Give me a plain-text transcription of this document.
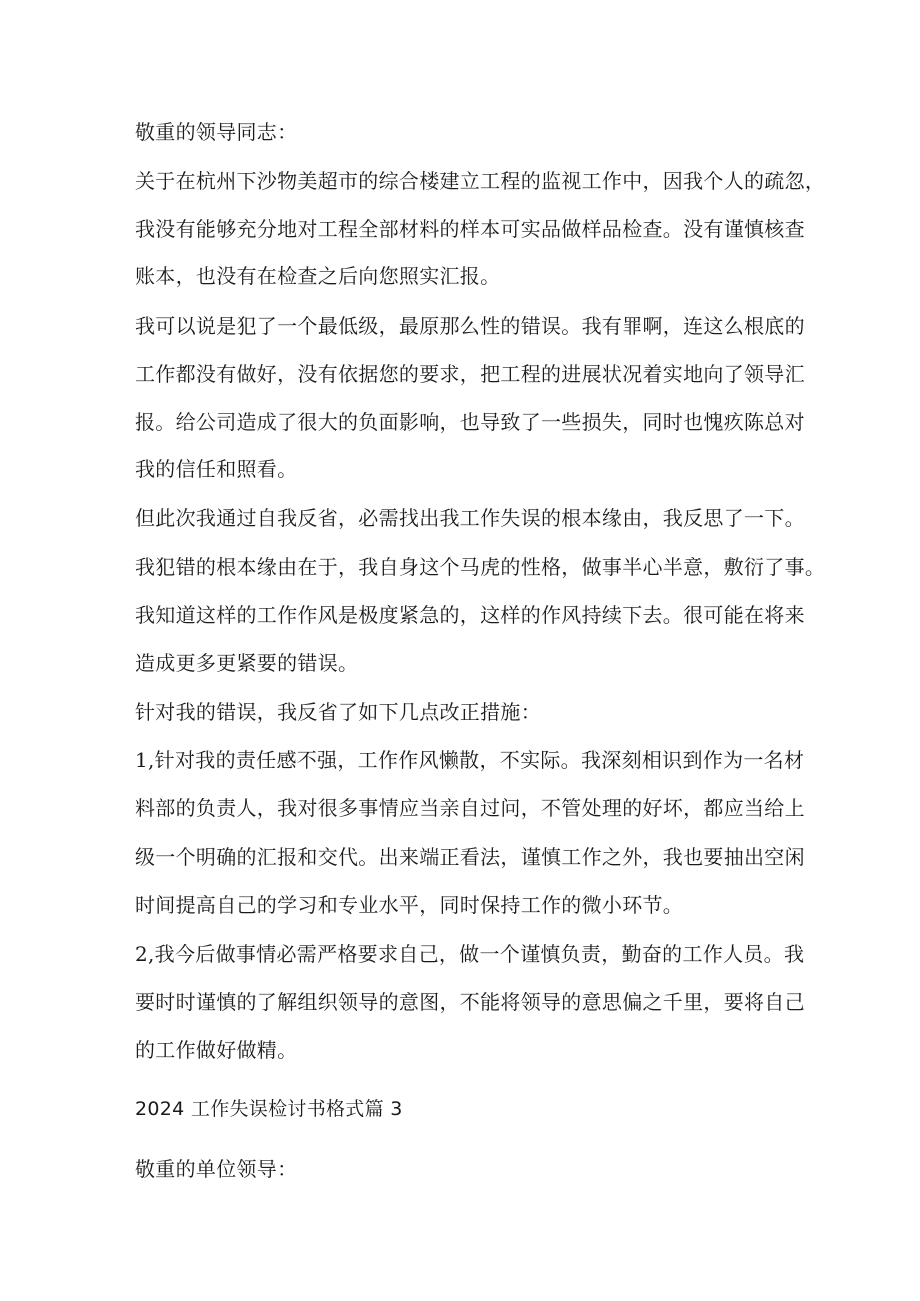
敬重的领导同志：
关于在杭州下沙物美超市的综合楼建立工程的监视工作中，因我个人的疏忽，
我没有能够充分地对工程全部材料的样本可实品做样品检查。没有谨慎核查
账本，也没有在检查之后向您照实汇报。
我可以说是犯了一个最低级，最原那么性的错误。我有罪啊，连这么根底的
工作都没有做好，没有依据您的要求，把工程的进展状况着实地向了领导汇
报。给公司造成了很大的负面影响，也导致了一些损失，同时也愧疚陈总对
我的信任和照看。
但此次我通过自我反省，必需找出我工作失误的根本缘由，我反思了一下。
我犯错的根本缘由在于，我自身这个马虎的性格，做事半心半意，敷衍了事。
我知道这样的工作作风是极度紧急的，这样的作风持续下去。很可能在将来
造成更多更紧要的错误。
针对我的错误，我反省了如下几点改正措施：
1,针对我的责任感不强，工作作风懒散，不实际。我深刻相识到作为一名材
料部的负责人，我对很多事情应当亲自过问，不管处理的好坏，都应当给上
级一个明确的汇报和交代。出来端正看法，谨慎工作之外，我也要抽出空闲
时间提高自己的学习和专业水平，同时保持工作的微小环节。
2,我今后做事情必需严格要求自己，做一个谨慎负责，勤奋的工作人员。我
要时时谨慎的了解组织领导的意图，不能将领导的意思偏之千里，要将自己
的工作做好做精。
2024 工作失误检讨书格式篇 3
敬重的单位领导：
